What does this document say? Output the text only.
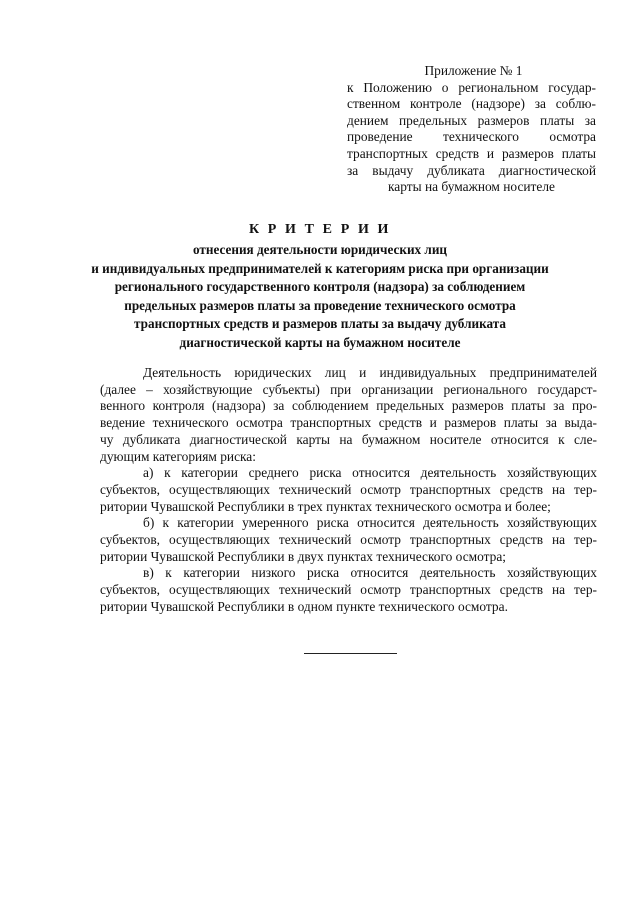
Приложение № 1
к Положению о региональном государ-
ственном контроле (надзоре) за соблю-
дением предельных размеров платы за
проведение технического осмотра
транспортных средств и размеров платы
за выдачу дубликата диагностической
карты на бумажном носителе
К Р И Т Е Р И И
отнесения деятельности юридических лиц
и индивидуальных предпринимателей к категориям риска при организации
регионального государственного контроля (надзора) за соблюдением
предельных размеров платы за проведение технического осмотра
транспортных средств и размеров платы за выдачу дубликата
диагностической карты на бумажном носителе
Деятельность юридических лиц и индивидуальных предпринимателей
(далее – хозяйствующие субъекты) при организации регионального государст-
венного контроля (надзора) за соблюдением предельных размеров платы за про-
ведение технического осмотра транспортных средств и размеров платы за выда-
чу дубликата диагностической карты на бумажном носителе относится к сле-
дующим категориям риска:
а) к категории среднего риска относится деятельность хозяйствующих
субъектов, осуществляющих технический осмотр транспортных средств на тер-
ритории Чувашской Республики в трех пунктах технического осмотра и более;
б) к категории умеренного риска относится деятельность хозяйствующих
субъектов, осуществляющих технический осмотр транспортных средств на тер-
ритории Чувашской Республики в двух пунктах технического осмотра;
в) к категории низкого риска относится деятельность хозяйствующих
субъектов, осуществляющих технический осмотр транспортных средств на тер-
ритории Чувашской Республики в одном пункте технического осмотра.
